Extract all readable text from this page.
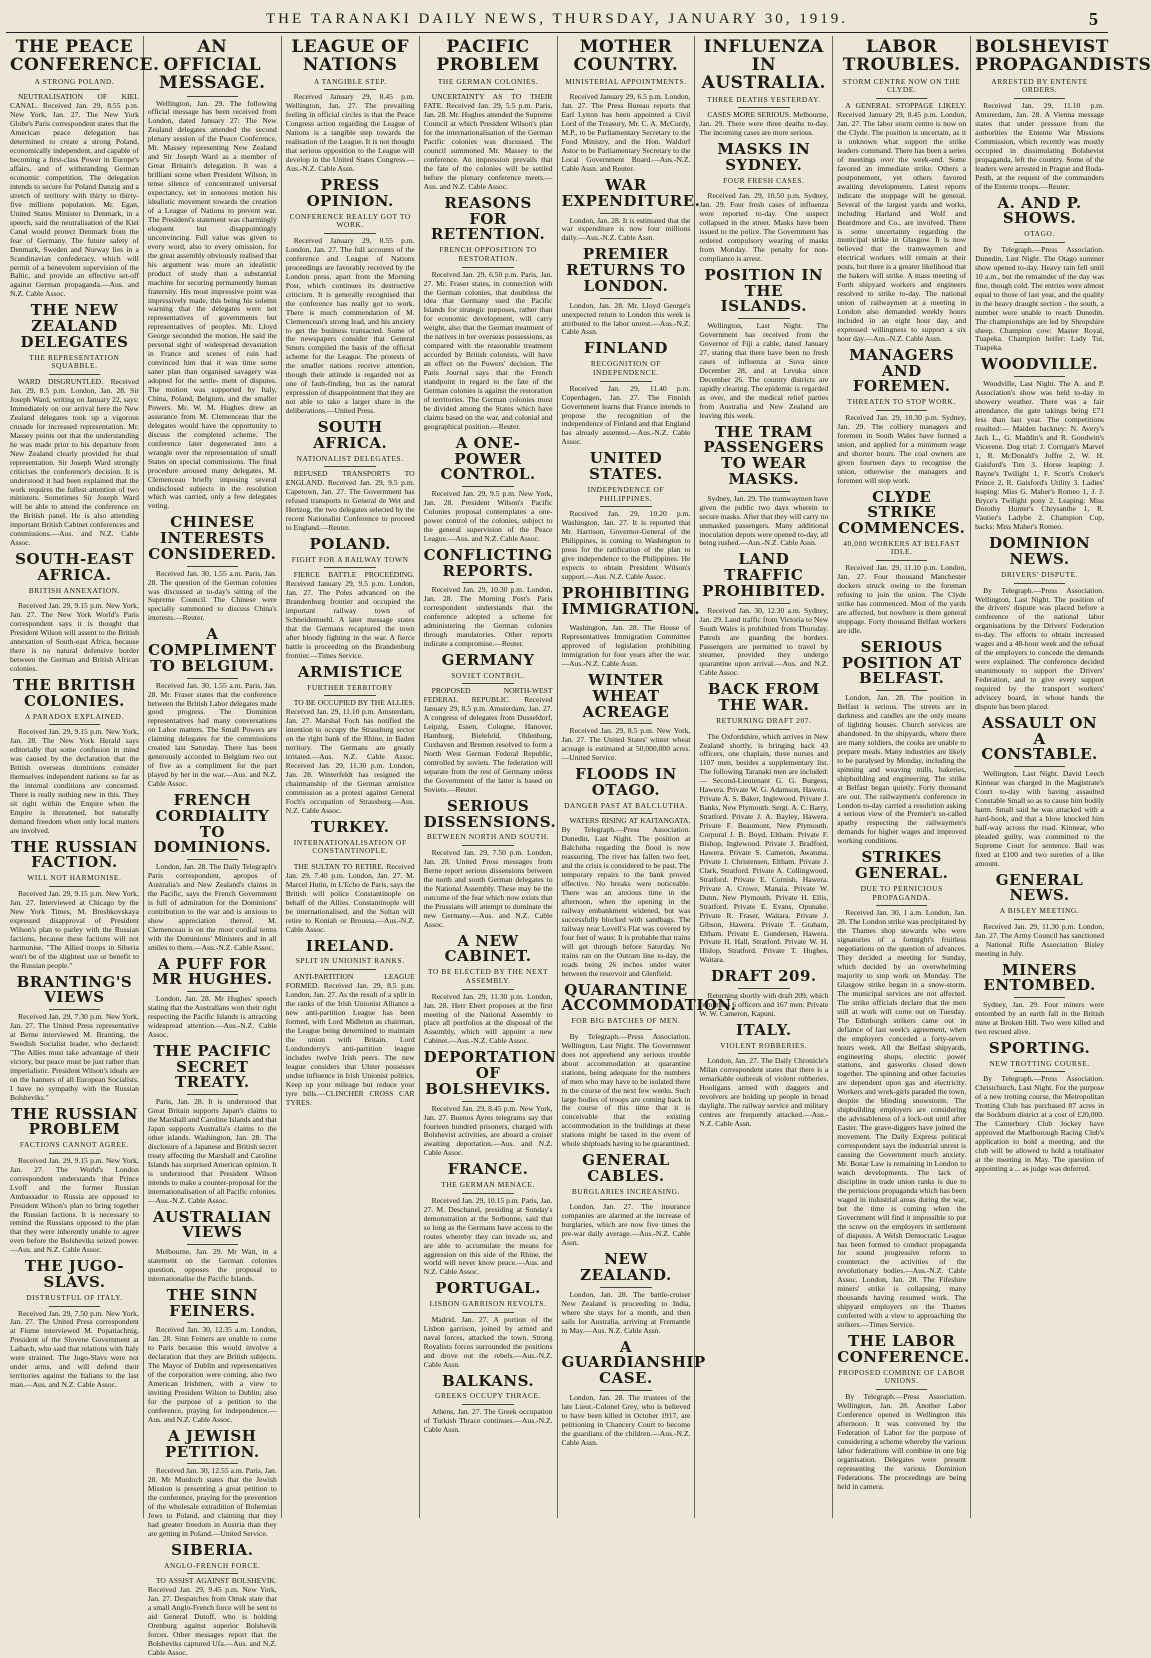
THE TARANAKI DAILY NEWS, THURSDAY, JANUARY 30, 1919.	5
THE PEACE CONFERENCE.
A STRONG POLAND.

NEUTRALISATION OF KIEL CANAL. Received Jan. 29, 8.55 p.m. New York, Jan. 27. The New York Globe's Paris correspondent states that the American peace delegation has determined to create a strong Poland, economically independent, and capable of becoming a first-class Power in Europe's affairs, and of withstanding German economic competition. The delegation intends to secure for Poland Danzig and a stretch of territory with thirty to thirty-five millions population. Mr. Egan, United States Minister to Denmark, in a speech, said the neutralisation of the Kiel Canal would protect Denmark from the fear of Germany. The future safety of Denmark, Sweden and Norway lies in a Scandinavian confederacy, which will permit of a benevolent supervision of the Baltic, and provide an effective set-off against German propaganda.—Aus. and N.Z. Cable Assoc.

THE NEW ZEALAND DELEGATES
THE REPRESENTATION SQUABBLE.

WARD DISGRUNTLED. Received Jan. 29, 8.5 p.m. London, Jan. 28. Sir Joseph Ward, writing on January 22, says: Immediately on our arrival here the New Zealand delegates took up a vigorous crusade for increased representation. Mr. Massey points out that the understanding he was made prior to his departure from New Zealand clearly provided for dual representation. Sir Joseph Ward strongly criticises the conference's decision. It is understood it had been explained that the work requires the fullest attention of two ministers. Sometimes Sir Joseph Ward will be able to attend the conference on the British panel. He is also attending important British Cabinet conferences and commissions.—Aus. and N.Z. Cable Assoc.

SOUTH-EAST AFRICA.
BRITISH ANNEXATION.

Received Jan. 29, 9.15 p.m. New York, Jan. 27. The New York World's Paris correspondent says it is thought that President Wilson will assent to the British annexation of South-east Africa, because there is no natural defensive border between the German and British African colonies.

THE BRITISH COLONIES.
A PARADOX EXPLAINED.

Received Jan. 29, 9.15 p.m. New York, Jan. 28. The New York Herald says editorially that some confusion in mind was caused by the declaration that the British overseas dominions consider themselves independent nations so far as the internal conditions are concerned. There is really nothing new in this. They sit right within the Empire when the Empire is threatened, but naturally demand freedom when only local matters are involved.

THE RUSSIAN FACTION.
WILL NOT HARMONISE.

Received Jan. 29, 9.15 p.m. New York, Jan. 27. Interviewed at Chicago by the New York Times, M. Breshkovskaya expressed disapproval of President Wilson's plan to parley with the Russian factions, because these factions will not harmonise. "The Allied troops in Siberia won't be of the slightest use or benefit to the Russian people."

BRANTING'S VIEWS

Received Jan. 29, 7.30 p.m. New York, Jan. 27. The United Press representative at Berne interviewed M. Branting, the Swedish Socialist leader, who declared: "The Allies must take advantage of their victory, but peace must be just rather than imperialistic. President Wilson's ideals are on the banners of all European Socialists. I have no sympathy with the Russian Bolsheviks."

THE RUSSIAN PROBLEM
FACTIONS CANNOT AGREE.

Received Jan. 29, 9.15 p.m. New York, Jan. 27. The World's London correspondent understands that Prince Lvoff and the former Russian Ambassador to Russia are opposed to President Wilson's plan to bring together the Russian factions. It is necessary to remind the Russians opposed to the plan that they were inherently unable to agree even before the Bolsheviks seized power.—Aus. and N.Z. Cable Assoc.

THE JUGO-SLAVS.
DISTRUSTFUL OF ITALY.

Received Jan. 29, 7.50 p.m. New York, Jan. 27. The United Press correspondent at Fiume interviewed M. Popatiachnig, President of the Slovene Government at Laibach, who said that relations with Italy were strained. The Jugo-Slavs were not under arms, and will defend their territories against the Italians to the last man.—Aus. and N.Z. Cable Assoc.

AN OFFICIAL MESSAGE.

Wellington, Jan. 29. The following official message has been received from London, dated January 27: The New Zealand delegates attended the second plenary session of the Peace Conference, Mr. Massey representing New Zealand and Sir Joseph Ward as a member of Great Britain's delegation. It was a brilliant scene when President Wilson, in tense silence of concentrated universal expectancy, set in sonorous motion his idealistic movement towards the creation of a League of Nations to prevent war. The President's statement was charmingly eloquent but disappointingly unconvincing. Full value was given to every word, also to every omission, for the great assembly obviously realised that his argument was more an idealistic product of study than a substantial machine for securing permanently human fraternity. His most impressive point was impressively made, this being his solemn warning that the delegates were not representatives of governments but representatives of peoples. Mr. Lloyd George seconded the motion. He said the personal sight of widespread devastation in France and scenes of ruin had convinced him that it was time some saner plan than organised savagery was adopted for the settle- ment of disputes. The motion was supported by Italy, China, Poland, Belgium, and the smaller Powers. Mr. W. M. Hughes drew an assurance from M. Clemenceau that the delegates would have the opportunity to discuss the completed scheme. The conference later degenerated into a wrangle over the representation of small States on special commissions. The final procedure aroused many delegates, M. Clemenceau briefly imposing several undisclosed subjects in the resolution which was carried, only a few delegates voting.

CHINESE INTERESTS CONSIDERED.

Received Jan. 30, 1.55 a.m. Paris, Jan. 28. The question of the German colonies was discussed at to-day's sitting of the Supreme Council. The Chinese were specially summoned to discuss China's interests.—Reuter.

A COMPLIMENT TO BELGIUM.

Received Jan. 30, 1.55 a.m. Paris, Jan. 28. Mr. Fraser states that the conference between the British Labor delegates made good progress. The Dominion representatives had many conversations on Labor matters. The Small Powers are claiming delegates for the commissions created last Saturday. There has been generously accorded to Belgium two out of five as a compliment for the part played by her in the war.—Aus. and N.Z. Cable Assoc.

FRENCH CORDIALITY TO DOMINIONS.

London, Jan. 28. The Daily Telegraph's Paris correspondent, apropos of Australia's and New Zealand's claims in the Pacific, says the French Government is full of admiration for the Dominions' contribution to the war and is anxious to show appreciation thereof. M. Clemenceau is on the most cordial terms with the Dominions' Ministers and in all smiles to them.—Aus.-N.Z. Cable Assoc.

A PUFF FOR MR HUGHES.

London, Jan. 28. Mr Hughes' speech stating that the Australians won their right respecting the Pacific Islands is attracting widespread attention.—Aus.-N.Z. Cable Assoc.

THE PACIFIC SECRET TREATY.

Paris, Jan. 28. It is understood that Great Britain supports Japan's claims to the Marshall and Caroline Islands and that Japan supports Australia's claims to the other islands. Washington, Jan. 28. The disclosure of a Japanese and British secret treaty affecting the Marshall and Caroline Islands has surprised American opinion. It is understood that President Wilson intends to make a counter-proposal for the internationalisation of all Pacific colonies.—Aus.-N.Z. Cable Assoc.

AUSTRALIAN VIEWS

Melbourne, Jan. 29. Mr Watt, in a statement on the German colonies question, opposes the proposal to internationalise the Pacific Islands.

THE SINN FEINERS.

Received Jan. 30, 12.35 a.m. London, Jan. 28. Sinn Feiners are unable to come to Paris because this would involve a declaration that they are British subjects. The Mayor of Dublin and representatives of the corporation were coming, also two American Irishmen, with a view to inviting President Wilson to Dublin; also for the purpose of a petition to the conference, praying for independence.—Aus. and N.Z. Cable Assoc.

A JEWISH PETITION.

Received Jan. 30, 12.55 a.m. Paris, Jan. 28. Mr Murdoch states that the Jewish Mission is presenting a great petition to the conference, praying for the prevention of the wholesale extradition of Bohemian Jews to Poland, and claiming that they had greater freedom in Austria than they are getting in Poland.—United Service.

SIBERIA.
ANGLO-FRENCH FORCE.

TO ASSIST AGAINST BOLSHEVIK. Received Jan. 29, 9.45 p.m. New York, Jan. 27. Despatches from Omsk state that a small Anglo-French force will be sent to aid General Dutoff, who is holding Orenburg against superior Bolshevik forces. Other messages report that the Bolsheviks captured Ufa.—Aus. and N.Z. Cable Assoc.

LEAGUE OF NATIONS
A TANGIBLE STEP.

Received January 29, 8.45 p.m. Wellington, Jan. 27. The prevailing feeling in official circles is that the Peace Congress action regarding the League of Nations is a tangible step towards the realisation of the League. It is not thought that serious opposition to the League will develop in the United States Congress.—Aus.-N.Z. Cable Assn.

PRESS OPINION.
CONFERENCE REALLY GOT TO WORK.

Received January 29, 8.55 p.m. London, Jan. 27. The full accounts of the conference and League of Nations proceedings are favorably received by the London press, apart from the Morning Post, which continues its destructive criticism. It is generally recognised that the conference has really got to work. There is much commendation of M. Clemenceau's strong lead, and his anxiety to get the business transacted. Some of the newspapers consider that General Smuts compiled the basis of the official scheme for the League. The protests of the smaller nations receive attention, though their attitude is regarded not as one of fault-finding, but as the natural expression of disappointment that they are not able to take a larger share in the deliberations.—United Press.

SOUTH AFRICA.
NATIONALIST DELEGATES.

REFUSED TRANSPORTS TO ENGLAND. Received Jan. 29, 9.5 p.m. Capetown, Jan. 27. The Government has refused transports to General de Wet and Hertzog, the two delegates selected by the recent Nationalist Conference to proceed to England.—Reuter.

POLAND.
FIGHT FOR A RAILWAY TOWN

FIERCE BATTLE PROCEEDING. Received January 29, 9.5 p.m. London, Jan. 27. The Poles advanced on the Brandenburg frontier and occupied the important railway town of Schneidemuehl. A later message states that the Germans recaptured the town after bloody fighting in the war. A fierce battle is proceeding on the Brandenburg frontier.—Times Service.

ARMISTICE
FURTHER TERRITORY

TO BE OCCUPIED BY THE ALLIES. Received Jan. 29, 11.10 p.m. Amsterdam, Jan. 27. Marshal Foch has notified the intention to occupy the Strassburg sector on the right bank of the Rhine, in Baden territory. The Germans are greatly irritated.—Aus. N.Z. Cable Assoc. Received Jan. 29, 11.30 p.m. London, Jan. 28. Winterfeldt has resigned the chairmanship of the German armistice commission as a protest against General Foch's occupation of Strassburg.—Aus. N.Z. Cable Assoc.

TURKEY.
INTERNATIONALISATION OF CONSTANTINOPLE.

THE SULTAN TO RETIRE. Received Jan. 29, 7.40 p.m. London, Jan. 27. M. Marcel Hutin, in L'Echo de Paris, says the British will police Constantinople on behalf of the Allies. Constantinople will be internationalised, and the Sultan will retire to Koniah or Broussa.—Aus.-N.Z. Cable Assoc.

IRELAND.
SPLIT IN UNIONIST RANKS.

ANTI-PARTITION LEAGUE FORMED. Received Jan. 29, 8.5 p.m. London, Jan. 27. As the result of a split in the ranks of the Irish Unionist Alliance a new anti-partition League has been formed, with Lord Midleton as chairman, the League being determined to maintain the union with Britain. Lord Londonderry's anti-partition league includes twelve Irish peers. The new league considers that Ulster possesses undue influence in Irish Unionist politics. Keep up your mileage but reduce your tyre bills.—CLINCHER CROSS CAR TYRES.

PACIFIC PROBLEM
THE GERMAN COLONIES.

UNCERTAINTY AS TO THEIR FATE. Received Jan. 29, 5.5 p.m. Paris, Jan. 28. Mr. Hughes attended the Supreme Council at which President Wilson's plan for the internationalisation of the German Pacific colonies was discussed. The council summoned Mr. Massey to the conference. An impression prevails that the fate of the colonies will be settled before the plenary conference meets.—Aus. and N.Z. Cable Assoc.

REASONS FOR RETENTION.
FRENCH OPPOSITION TO RESTORATION.

Received Jan. 29, 6.50 p.m. Paris, Jan. 27. Mr. Fraser states, in connection with the German colonies, that doubtless the idea that Germany used the Pacific Islands for strategic purposes, rather than for economic development, will carry weight, also that the German treatment of the natives in her overseas possessions, as compared with the reasonable treatment accorded by British colonists, will have an effect on the Powers' decision. The Paris Journal says that the French standpoint in regard to the fate of the German colonies is against the restoration of territories. The German colonies must be divided among the States which have claims based on the war, and colonial and geographical position.—Reuter.

A ONE-POWER CONTROL.

Received Jan. 29, 9.5 p.m. New York, Jan. 28. President Wilson's Pacific Colonies proposal contemplates a one-power control of the colonies, subject to the general supervision of the Peace League.—Aus. and N.Z. Cable Assoc.

CONFLICTING REPORTS.

Received Jan. 29, 10.30 p.m. London, Jan. 28. The Morning Post's Paris correspondent understands that the conference adopted a scheme for administering the German colonies through mandatories. Other reports indicate a compromise.—Reuter.

GERMANY
SOVIET CONTROL.

PROPOSED NORTH-WEST FEDERAL REPUBLIC. Received January 29, 8.5 p.m. Amsterdam, Jan. 27. A congress of delegates from Dusseldorf, Leipzig, Essen, Cologne, Hanover, Hamburg, Bielefeld, Oldenburg, Cuxhaven and Bremen resolved to form a North West German Federal Republic, controlled by soviets. The federation will separate from the rest of Germany unless the Government of the latter is based on Soviets.—Reuter.

SERIOUS DISSENSIONS.
BETWEEN NORTH AND SOUTH.

Received Jan. 29, 7.50 p.m. London, Jan. 28. United Press messages from Berne report serious dissensions between the north and south German delegates to the National Assembly. These may be the outcome of the fear which now exists that the Prussians will attempt to dominate the new Germany.—Aus. and N.Z. Cable Assoc.

A NEW CABINET.
TO BE ELECTED BY THE NEXT ASSEMBLY.

Received Jan. 29, 11.30 p.m. London, Jan. 28. Herr Ebert proposes at the first meeting of the National Assembly to place all portfolios at the disposal of the Assembly, which will appoint a new Cabinet.—Aus.-N.Z. Cable Assoc.

DEPORTATION OF BOLSHEVIKS.

Received Jan. 29, 8.45 p.m. New York, Jan. 27. Buenos Ayres telegrams say that fourteen hundred prisoners, charged with Bolshevist activities, are aboard a cruiser awaiting deportation.—Aus. and N.Z. Cable Assoc.

FRANCE.
THE GERMAN MENACE.

Received Jan. 29, 10.15 p.m. Paris, Jan. 27. M. Deschanel, presiding at Sunday's demonstration at the Sorbonne, said that so long as the Germans have access to the routes whereby they can invade us, and are able to accumulate the means for aggression on this side of the Rhine, the world will never know peace.—Aus. and N.Z. Cable Assoc.

PORTUGAL.
LISBON GARRISON REVOLTS.

Madrid, Jan. 27. A portion of the Lisbon garrison, joined by armed and naval forces, attacked the town. Strong Royalists forces surrounded the positions and drove out the rebels.—Aus.-N.Z. Cable Assn.

BALKANS.
GREEKS OCCUPY THRACE.

Athens, Jan. 27. The Greek occupation of Turkish Thrace continues.—Aus.-N.Z. Cable Assn.

MOTHER COUNTRY.
MINISTERIAL APPOINTMENTS.

Received January 29, 6.5 p.m. London, Jan. 27. The Press Bureau reports that Earl Lytton has been appointed a Civil Lord of the Treasury, Mr. C. A. McCurdy, M.P., to be Parliamentary Secretary to the Food Ministry, and the Hon. Waldorf Astor to be Parliamentary Secretary to the Local Government Board.—Aus.-N.Z. Cable Assn. and Reuter.

WAR EXPENDITURE.

London, Jan. 28. It is estimated that the war expenditure is now four millions daily.—Aus.-N.Z. Cable Assn.

PREMIER RETURNS TO LONDON.

London, Jan. 28. Mr. Lloyd George's unexpected return to London this week is attributed to the labor unrest.—Aus.-N.Z. Cable Assn.

FINLAND
RECOGNITION OF INDEPENDENCE.

Received Jan. 29, 11.40 p.m. Copenhagen, Jan. 27. The Finnish Government learns that France intends to propose the recognition of the independence of Finland and that England has already assented.—Aus.-N.Z. Cable Assoc.

UNITED STATES.
INDEPENDENCE OF PHILIPPINES.

Received Jan. 29, 10.20 p.m. Washington, Jan. 27. It is reported that Mr. Harrison, Governor-General of the Philippines, is coming to Washington to press for the ratification of the plan to give independence to the Philippines. He expects to obtain President Wilson's support.—Aus. N.Z. Cable Assoc.

PROHIBITING IMMIGRATION.

Washington, Jan. 28. The House of Representatives Immigration Committee approved of legislation prohibiting immigration for four years after the war.—Aus.-N.Z. Cable Assn.

WINTER WHEAT ACREAGE

Received Jan. 29, 8.5 p.m. New York, Jan. 27. The United States' winter wheat acreage is estimated at 50,000,000 acres.—United Service.

FLOODS IN OTAGO.
DANGER PAST AT BALCLUTHA.

WATERS RISING AT KAITANGATA. By Telegraph.—Press Association. Dunedin, Last Night. The position at Balclutha regarding the flood is now reassuring. The river has fallen two feet, and the crisis is considered to be past. The temporary repairs to the bank proved effective. No breaks were noticeable. There was an anxious time in the afternoon, when the opening in the railway embankment widened, but was successfully blocked with sandbags. The railway near Lovell's Flat was covered by four feet of water. It is probable that trains will get through before Saturday. No trains ran on the Outram line to-day, the roads being 26 inches under water between the reservoir and Glenfield.

QUARANTINE ACCOMMODATION.
FOR BIG BATCHES OF MEN.

By Telegraph.—Press Association. Wellington, Last Night. The Government does not apprehend any serious trouble about accommodation at quarantine stations, being adequate for the numbers of men who may have to be isolated there in the course of the next few weeks. Such large bodies of troops are coming back in the course of this time that it is conceivable that the existing accommodation in the buildings at these stations might be taxed in the event of whole shiploads having to be quarantined.

GENERAL CABLES.
BURGLARIES INCREASING.

London, Jan. 27. The insurance companies are alarmed at the increase of burglaries, which are now five times the pre-war daily average.—Aus.-N.Z. Cable Assn.

NEW ZEALAND.

London, Jan. 28. The battle-cruiser New Zealand is proceeding to India, where she stays for a month, and then sails for Australia, arriving at Fremantle in May.—Aus. N.Z. Cable Assn.

A GUARDIANSHIP CASE.

London, Jan. 28. The trustees of the late Lieut.-Colonel Grey, who is believed to have been killed in October 1917, are petitioning in Chancery Court to become the guardians of the children.—Aus.-N.Z. Cable Assn.

INFLUENZA IN AUSTRALIA.
THREE DEATHS YESTERDAY.

CASES MORE SERIOUS. Melbourne, Jan. 29. There were three deaths to-day. The incoming cases are more serious.

MASKS IN SYDNEY.
FOUR FRESH CASES.

Received Jan. 29, 10.50 p.m. Sydney, Jan. 29. Four fresh cases of influenza were reported to-day. One suspect collapsed in the street. Masks have been issued to the police. The Government has ordered compulsory wearing of masks from Monday. The penalty for non-compliance is arrest.

POSITION IN THE ISLANDS.

Wellington, Last Night. The Government has received from the Governor of Fiji a cable, dated January 27, stating that there have been no fresh cases of influenza at Suva since December 28, and at Levuka since December 26. The country districts are rapidly clearing. The epidemic is regarded as over, and the medical relief parties from Australia and New Zealand are leaving this week.

THE TRAM PASSENGERS TO WEAR MASKS.

Sydney, Jan. 29. The tramwaymen have given the public two days wherein to secure masks. After that they will carry no unmasked passengers. Many additional inoculation depots were opened to-day, all being rushed.—Aus.-N.Z. Cable Assn.

LAND TRAFFIC PROHIBITED.

Received Jan. 30, 12.30 a.m. Sydney, Jan. 29. Land traffic from Victoria to New South Wales is prohibited from Thursday. Patrols are guarding the borders. Passengers are permitted to travel by steamer, provided they undergo quarantine upon arrival.—Aus. and N.Z. Cable Assoc.

BACK FROM THE WAR.
RETURNING DRAFT 207.

The Oxfordshire, which arrives in New Zealand shortly, is bringing back 43 officers, one chaplain, three nurses and 1107 men, besides a supplementary list. The following Taranaki men are included:— Second-Lieutenant G. G. Burgess, Hawera. Private W. G. Adamson, Hawera. Private A. S. Baker, Inglewood. Private J. Banks, New Plymouth. Sergt. A. C. Barry, Stratford. Private J. A. Bayley, Hawera. Private F. Beaumont, New Plymouth. Corporal J. B. Boyd, Eltham. Private F. Bishop, Inglewood. Private J. Bradford, Hawera. Private S. Cameron, Awatuna. Private J. Christensen, Eltham. Private J. Clark, Stratford. Private A. Collingwood, Stratford. Private E. Cornish, Hawera. Private A. Crowe, Manaia. Private W. Dunn, New Plymouth. Private H. Ellis, Stratford. Private E. Evans, Opunake. Private R. Fraser, Waitara. Private J. Gibson, Hawera. Private T. Graham, Eltham. Private E. Gundersen, Hawera. Private H. Hall, Stratford. Private W. H. Hislop, Stratford. Private T. Hughes, Waitara.

DRAFT 209.

Returning shortly with draft 209, which comprises 6 officers and 167 men: Private W. W. Cameron, Kapuni.

ITALY.
VIOLENT ROBBERIES.

London, Jan. 27. The Daily Chronicle's Milan correspondent states that there is a remarkable outbreak of violent robberies. Hooligans armed with daggers and revolvers are holding up people in broad daylight. The railway service and military centres are frequently attacked.—Aus.-N.Z. Cable Assn.

LABOR TROUBLES.
STORM CENTRE NOW ON THE CLYDE.

A GENERAL STOPPAGE LIKELY. Received January 29, 8.45 p.m. London, Jan. 27. The labor storm centre is now on the Clyde. The position is uncertain, as it is unknown what support the strike leaders command. There has been a series of meetings over the week-end. Some favored an immediate strike. Others a postponement, yet others favored awaiting developments. Latest reports indicate the stoppage will be general. Several of the largest yards and works, including Harland and Wolf and Beardmore and Co., are involved. There is some uncertainty regarding the municipal strike in Glasgow. It is now believed that the tramwaymen and electrical workers will remain at their posts, but there is a greater likelihood that the bakers will strike. A mass meeting of Forth shipyard workers and engineers resolved to strike to-day. The national union of railwaymen at a meeting in London also demanded weekly hours included in an eight hour day, and expressed willingness to support a six hour day.—Aus.-N.Z. Cable Assn.

MANAGERS AND FOREMEN.
THREATEN TO STOP WORK.

Received Jan. 29, 10.30 p.m. Sydney, Jan. 29. The colliery managers and foremen in South Wales have formed a union, and applied for a minimum wage and shorter hours. The coal owners are given fourteen days to recognise the union, otherwise the managers and foremen will stop work.

CLYDE STRIKE COMMENCES.
40,000 WORKERS AT BELFAST IDLE.

Received Jan. 29, 11.10 p.m. London, Jan. 27. Four thousand Manchester dockers struck owing to the foreman refusing to join the union. The Clyde strike has commenced. Most of the yards are affected, but nowhere is there general stoppage. Forty thousand Belfast workers are idle.

SERIOUS POSITION AT BELFAST.

London, Jan. 28. The position in Belfast is serious. The streets are in darkness and candles are the only means of lighting houses. Church services are abandoned. In the shipyards, where there are many soldiers, the cooks are unable to prepare meals. Many industries are likely to be paralysed by Monday, including the spinning and weaving mills, bakeries, shipbuilding and engineering. The strike at Belfast began quietly. Forty thousand are out. The railwaymen's conference in London to-day carried a resolution asking a serious view of the Premier's so-called apathy respecting the railwaymen's demands for higher wages and improved working conditions.

STRIKES GENERAL.
DUE TO PERNICIOUS PROPAGANDA.

Received Jan. 30, 1 a.m. London, Jan. 28. The London strike was precipitated by the Thames shop stewards who were signatories of a fortnight's fruitless negotiations on the question of advances. They decided a meeting for Sunday, which decided by an overwhelming majority to stop work on Monday. The Glasgow strike began in a snow-storm. The municipal services are not affected. The strike officials declare that the men still at work will come out on Tuesday. The Edinburgh strikers came out in defiance of last week's agreement, when the employers conceded a forty-seven hours week. All the Belfast shipyards, engineering shops, electric power stations, and gasworks closed down together. The spinning and other factories are dependent upon gas and electricity. Workers and work-girls paraded the town, despite the blinding snowstorm. The shipbuilding employers are considering the advisableness of a lock-out until after Easter. The grave-diggers have joined the movement. The Daily Express political correspondent says the industrial unrest is causing the Government much anxiety. Mr. Bonar Law is remaining in London to watch developments. The lack of discipline in trade union ranks is due to the pernicious propaganda which has been waged in industrial areas during the war, but the time is coming when the Government will find it impossible to put the screw on the employers in settlement of disputes. A Welsh Democratic League has been formed to conduct propaganda for sound progressive reform to counteract the activities of the revolutionary bodies.—Aus.-N.Z. Cable Assoc. London, Jan. 28. The Fifeshire miners' strike is collapsing, many thousands having resumed work. The shipyard employers on the Thames conferred with a view to approaching the strikers.—Times Service.

THE LABOR CONFERENCE.
PROPOSED COMBINE OF LABOR UNIONS.

By Telegraph.—Press Association. Wellington, Jan. 28. Another Labor Conference opened in Wellington this afternoon. It was convened by the Federation of Labor for the purpose of considering a scheme whereby the various labor federations will combine in one big organisation. Delegates were present representing the various Dominion Federations. The proceedings are being held in camera.

BOLSHEVIST PROPAGANDISTS
ARRESTED BY ENTENTE ORDERS.

Received Jan. 29, 11.10 p.m. Amsterdam, Jan. 28. A Vienna message states that under pressure from the authorities the Entente War Missions Commission, which recently was mostly occupied in dissimulating Bolshevist propaganda, left the country. Some of the leaders were arrested in Prague and Buda-Pesth, at the request of the commanders of the Entente troops.—Reuter.

A. AND P. SHOWS.
OTAGO.

By Telegraph.—Press Association. Dunedin, Last Night. The Otago summer show opened to-day. Heavy rain fell until 10 a.m., but the remainder of the day was fine, though cold. The entries were almost equal to those of last year, and the quality in the heavy draught section - the south, a number were unable to reach Dunedin. The championships are led by Shropshire sheep. Champion cow: Master Royal, Tuapeka. Champion heifer: Lady Tui, Tuapeka.

WOODVILLE.

Woodville, Last Night. The A. and P. Association's show was held to-day in showery weather. There was a fair attendance, the gate takings being £71 less than last year. The competitions resulted:— Maiden hackney: N. Avery's Jack L., G. Maddin's and R. Goodwin's Vicerene. Dog trial: J. Corrigan's Marvel 1, R. McDonald's Joffre 2, W. H. Gaisford's Tim 3. Horse leaping: J. Rayne's Twilight 1, F. Scott's Croker's Prince 2, R. Gaisford's Utility 3. Ladies' leaping: Miss G. Maher's Romeo 1, J. J. Bryce's Twilight pony 2. Leaping: Miss Dorothy Hunter's Chrysanthe 1, R. Vautier's Ladybe 2. Champion Cup, backs: Miss Maher's Romeo.

DOMINION NEWS.
DRIVERS' DISPUTE.

By Telegraph.—Press Association. Wellington, Last Night. The position of the drivers' dispute was placed before a conference of the national labor organisations by the Drivers' Federation to-day. The efforts to obtain increased wages and a 48-hour week and the refusal of the employers to concede the demands were explained. The conference decided unanimously to support the Drivers' Federation, and to give every support required by the transport workers' advisory board, in whose hands the dispute has been placed.

ASSAULT ON A CONSTABLE.

Wellington, Last Night. David Leech Kinnear was charged in the Magistrate's Court to-day with having assaulted Constable Small so as to cause him bodily harm. Small said he was attacked with a hard-hook, and that a blow knocked him half-way across the road. Kinnear, who pleaded guilty, was committed to the Supreme Court for sentence. Bail was fixed at £100 and two sureties of a like amount.

GENERAL NEWS.
A BISLEY MEETING.

Received Jan. 29, 11.30 p.m. London, Jan. 27. The Army Council has sanctioned a National Rifle Association Bisley meeting in July.

MINERS ENTOMBED.

Sydney, Jan. 29. Four miners were entombed by an earth fall in the British mine at Broken Hill. Two were killed and two rescued alive.

SPORTING.
NEW TROTTING COURSE.

By Telegraph.—Press Association. Christchurch, Last Night. For the purpose of a new trotting course, the Metropolitan Trotting Club has purchased 87 acres in the Sockburn district at a cost of £20,000. The Canterbury Club Jockey have approved the Marlborough Racing Club's application to hold a meeting, and the club will be allowed to hold a totalisator at the meeting in May. The question of appointing a ... as judge was deferred.
